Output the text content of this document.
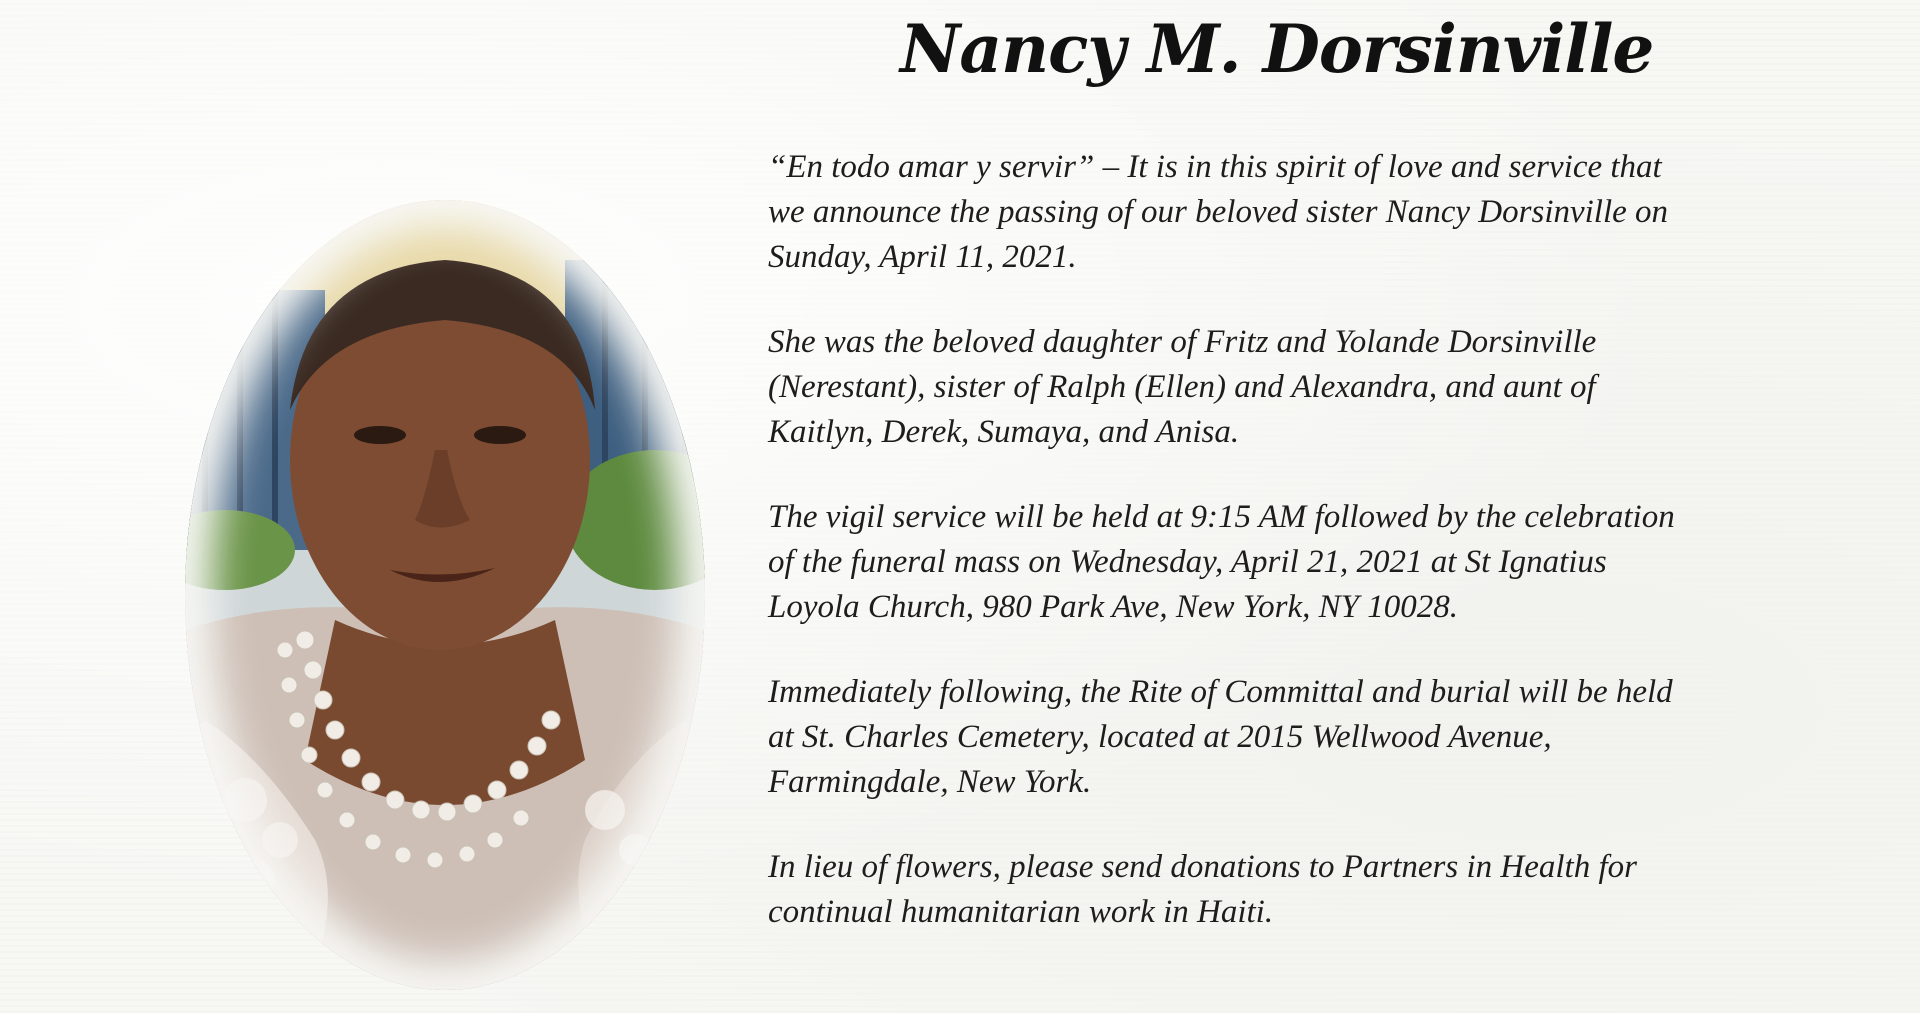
Nancy M. Dorsinville

“En todo amar y servir” – It is in this spirit of love and service that
we announce the passing of our beloved sister Nancy Dorsinville on
Sunday, April 11, 2021.

She was the beloved daughter of Fritz and Yolande Dorsinville
(Nerestant), sister of Ralph (Ellen) and Alexandra, and aunt of
Kaitlyn, Derek, Sumaya, and Anisa.

The vigil service will be held at 9:15 AM followed by the celebration
of the funeral mass on Wednesday, April 21, 2021 at St Ignatius
Loyola Church, 980 Park Ave, New York, NY 10028.

Immediately following, the Rite of Committal and burial will be held
at St. Charles Cemetery, located at 2015 Wellwood Avenue,
Farmingdale, New York.

In lieu of flowers, please send donations to Partners in Health for
continual humanitarian work in Haiti.
